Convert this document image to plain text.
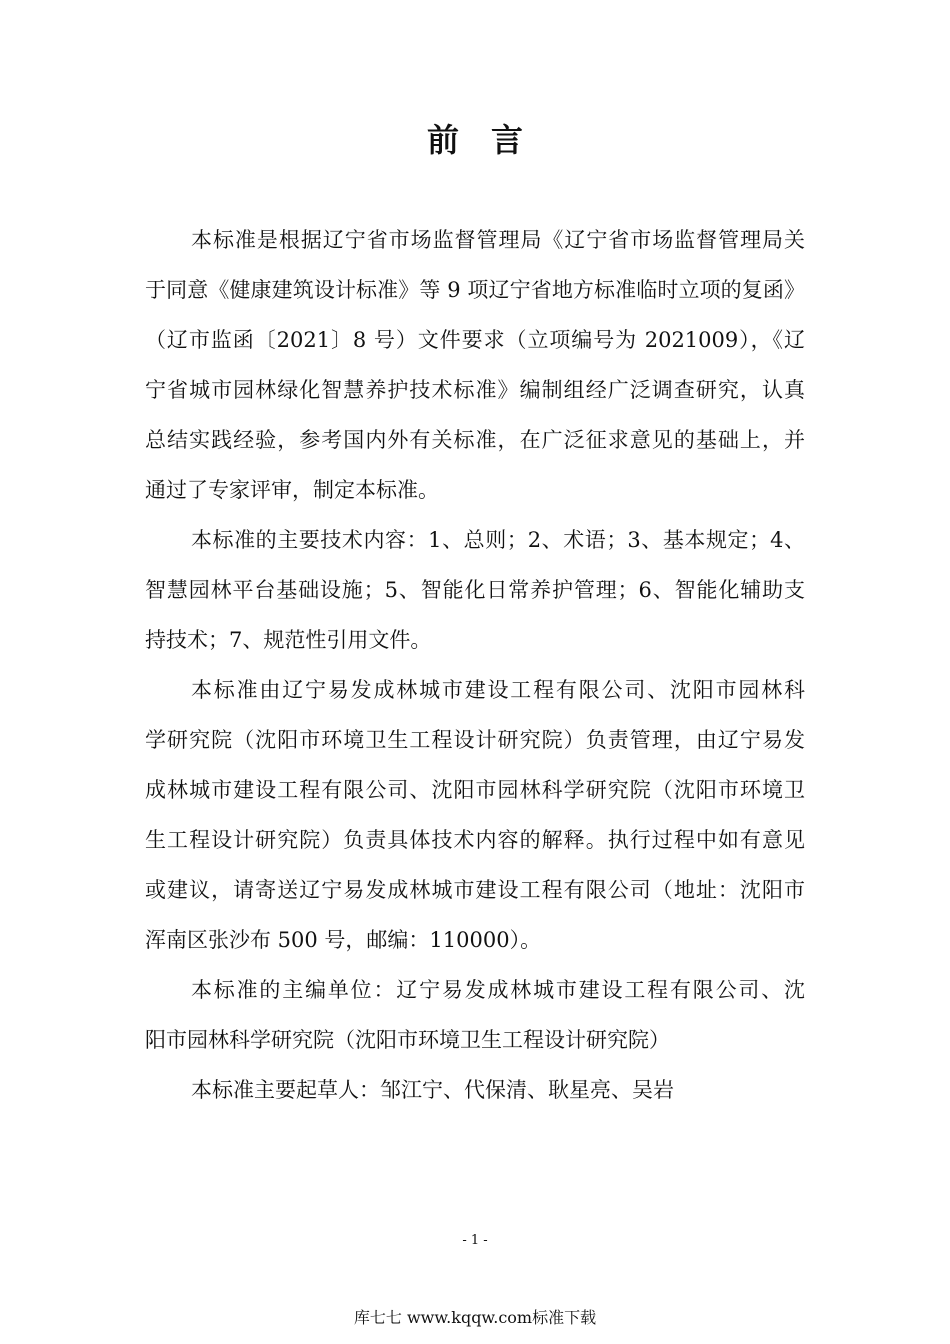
前　言
本标准是根据辽宁省市场监督管理局《辽宁省市场监督管理局关
于同意《健康建筑设计标准》等 9 项辽宁省地方标准临时立项的复函》
（辽市监函〔2021〕8 号）文件要求（立项编号为 2021009），《辽
宁省城市园林绿化智慧养护技术标准》编制组经广泛调查研究，认真
总结实践经验，参考国内外有关标准，在广泛征求意见的基础上，并
通过了专家评审，制定本标准。
本标准的主要技术内容：1、总则；2、术语；3、基本规定；4、
智慧园林平台基础设施；5、智能化日常养护管理；6、智能化辅助支
持技术；7、规范性引用文件。
本标准由辽宁易发成林城市建设工程有限公司、沈阳市园林科
学研究院（沈阳市环境卫生工程设计研究院）负责管理，由辽宁易发
成林城市建设工程有限公司、沈阳市园林科学研究院（沈阳市环境卫
生工程设计研究院）负责具体技术内容的解释。执行过程中如有意见
或建议，请寄送辽宁易发成林城市建设工程有限公司（地址：沈阳市
浑南区张沙布 500 号，邮编：110000）。
本标准的主编单位：辽宁易发成林城市建设工程有限公司、沈
阳市园林科学研究院（沈阳市环境卫生工程设计研究院）
本标准主要起草人：邹江宁、代保清、耿星亮、吴岩
- 1 -
库七七 www.kqqw.com标准下载
